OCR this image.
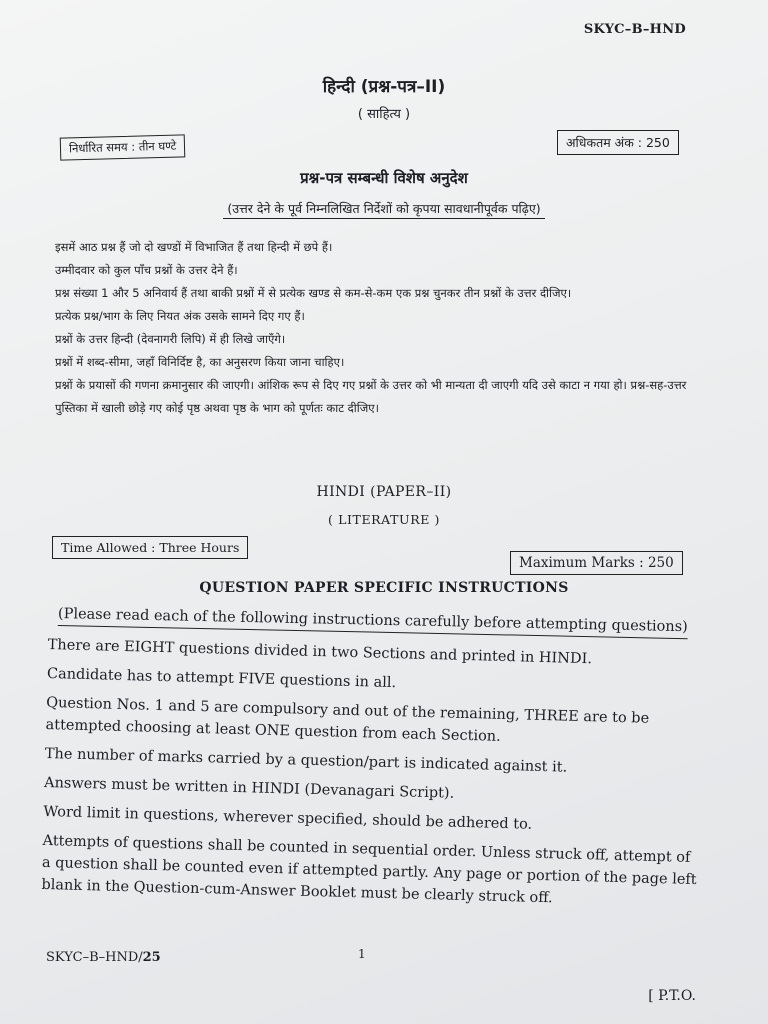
SKYC–B–HND
हिन्दी (प्रश्न-पत्र–II)
( साहित्य )
निर्धारित समय : तीन घण्टे	अधिकतम अंक : 250
प्रश्न-पत्र सम्बन्धी विशेष अनुदेश
(उत्तर देने के पूर्व निम्नलिखित निर्देशों को कृपया सावधानीपूर्वक पढ़िए)

इसमें आठ प्रश्न हैं जो दो खण्डों में विभाजित हैं तथा हिन्दी में छपे हैं।

उम्मीदवार को कुल पाँच प्रश्नों के उत्तर देने हैं।

प्रश्न संख्या 1 और 5 अनिवार्य हैं तथा बाकी प्रश्नों में से प्रत्येक खण्ड से कम-से-कम एक प्रश्न चुनकर तीन प्रश्नों के उत्तर दीजिए।

प्रत्येक प्रश्न/भाग के लिए नियत अंक उसके सामने दिए गए हैं।

प्रश्नों के उत्तर हिन्दी (देवनागरी लिपि) में ही लिखे जाएँगे।

प्रश्नों में शब्द-सीमा, जहाँ विनिर्दिष्ट है, का अनुसरण किया जाना चाहिए।

प्रश्नों के प्रयासों की गणना क्रमानुसार की जाएगी। आंशिक रूप से दिए गए प्रश्नों के उत्तर को भी मान्यता दी जाएगी यदि उसे काटा न गया हो। प्रश्न-सह-उत्तर पुस्तिका में खाली छोड़े गए कोई पृष्ठ अथवा पृष्ठ के भाग को पूर्णतः काट दीजिए।

HINDI (PAPER–II)
( LITERATURE )
Time Allowed : Three Hours
Maximum Marks : 250
QUESTION PAPER SPECIFIC INSTRUCTIONS
(Please read each of the following instructions carefully before attempting questions)

There are EIGHT questions divided in two Sections and printed in HINDI.

Candidate has to attempt FIVE questions in all.

Question Nos. 1 and 5 are compulsory and out of the remaining, THREE are to be attempted choosing at least ONE question from each Section.

The number of marks carried by a question/part is indicated against it.

Answers must be written in HINDI (Devanagari Script).

Word limit in questions, wherever specified, should be adhered to.

Attempts of questions shall be counted in sequential order. Unless struck off, attempt of a question shall be counted even if attempted partly. Any page or portion of the page left blank in the Question-cum-Answer Booklet must be clearly struck off.

SKYC–B–HND/25	1
[ P.T.O.
